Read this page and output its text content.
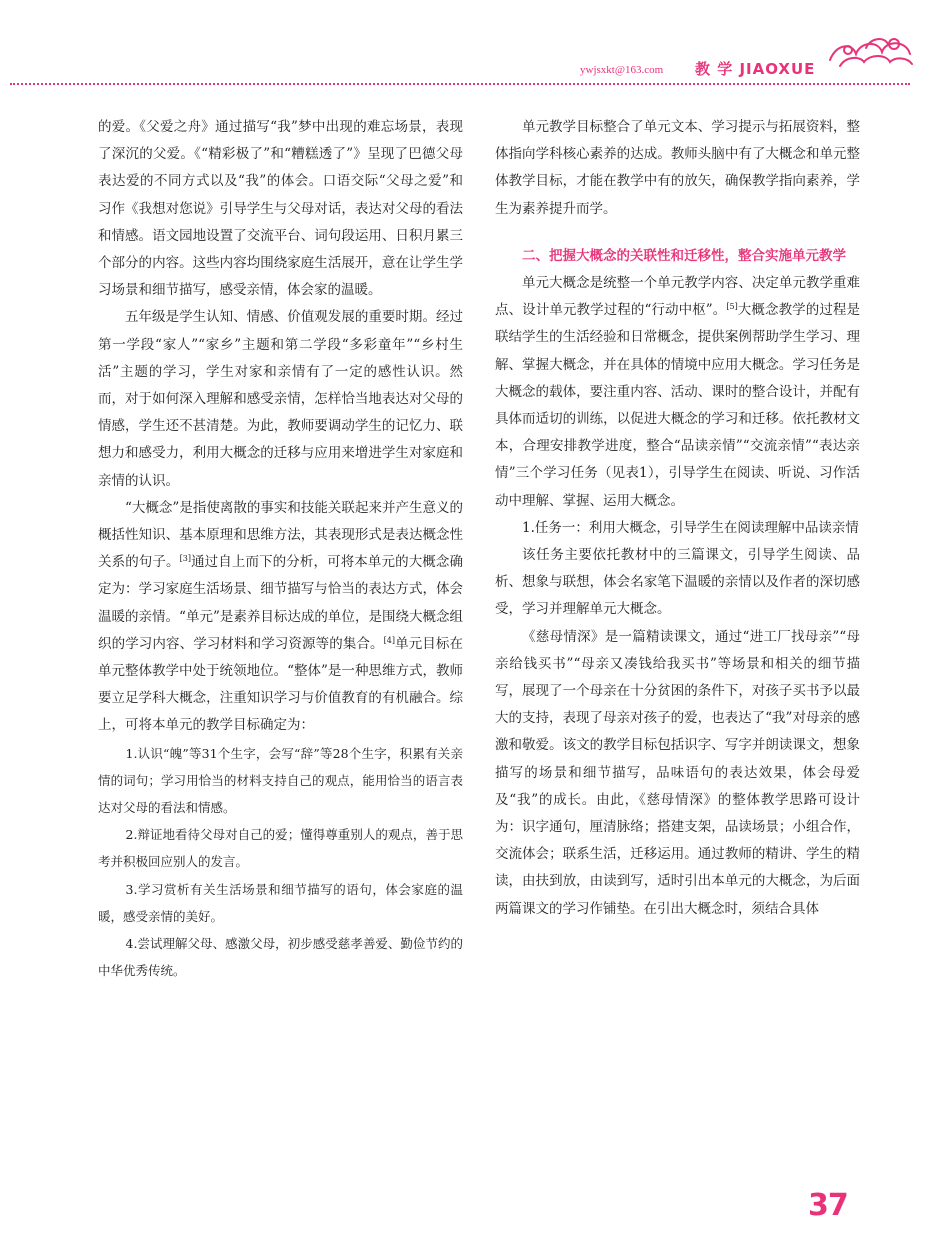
ywjsxkt@163.com 教 学 JIAOXUE

的爱。《父爱之舟》通过描写“我”梦中出现的难忘场景，表现了深沉的父爱。《“精彩极了”和“糟糕透了”》呈现了巴德父母表达爱的不同方式以及“我”的体会。口语交际“父母之爱”和习作《我想对您说》引导学生与父母对话，表达对父母的看法和情感。语文园地设置了交流平台、词句段运用、日积月累三个部分的内容。这些内容均围绕家庭生活展开，意在让学生学习场景和细节描写，感受亲情，体会家的温暖。

五年级是学生认知、情感、价值观发展的重要时期。经过第一学段“家人”“家乡”主题和第二学段“多彩童年”“乡村生活”主题的学习，学生对家和亲情有了一定的感性认识。然而，对于如何深入理解和感受亲情，怎样恰当地表达对父母的情感，学生还不甚清楚。为此，教师要调动学生的记忆力、联想力和感受力，利用大概念的迁移与应用来增进学生对家庭和亲情的认识。

“大概念”是指使离散的事实和技能关联起来并产生意义的概括性知识、基本原理和思维方法，其表现形式是表达概念性关系的句子。[3]通过自上而下的分析，可将本单元的大概念确定为：学习家庭生活场景、细节描写与恰当的表达方式，体会温暖的亲情。“单元”是素养目标达成的单位，是围绕大概念组织的学习内容、学习材料和学习资源等的集合。[4]单元目标在单元整体教学中处于统领地位。“整体”是一种思维方式，教师要立足学科大概念，注重知识学习与价值教育的有机融合。综上，可将本单元的教学目标确定为：

1.认识“魄”等31个生字，会写“辞”等28个生字，积累有关亲情的词句；学习用恰当的材料支持自己的观点，能用恰当的语言表达对父母的看法和情感。

2.辩证地看待父母对自己的爱；懂得尊重别人的观点，善于思考并积极回应别人的发言。

3.学习赏析有关生活场景和细节描写的语句，体会家庭的温暖，感受亲情的美好。

4.尝试理解父母、感激父母，初步感受慈孝善爱、勤俭节约的中华优秀传统。

单元教学目标整合了单元文本、学习提示与拓展资料，整体指向学科核心素养的达成。教师头脑中有了大概念和单元整体教学目标，才能在教学中有的放矢，确保教学指向素养，学生为素养提升而学。

二、把握大概念的关联性和迁移性，整合实施单元教学

单元大概念是统整一个单元教学内容、决定单元教学重难点、设计单元教学过程的“行动中枢”。[5]大概念教学的过程是联结学生的生活经验和日常概念，提供案例帮助学生学习、理解、掌握大概念，并在具体的情境中应用大概念。学习任务是大概念的载体，要注重内容、活动、课时的整合设计，并配有具体而适切的训练，以促进大概念的学习和迁移。依托教材文本，合理安排教学进度，整合“品读亲情”“交流亲情”“表达亲情”三个学习任务（见表1），引导学生在阅读、听说、习作活动中理解、掌握、运用大概念。

1.任务一：利用大概念，引导学生在阅读理解中品读亲情

该任务主要依托教材中的三篇课文，引导学生阅读、品析、想象与联想，体会名家笔下温暖的亲情以及作者的深切感受，学习并理解单元大概念。

《慈母情深》是一篇精读课文，通过“进工厂找母亲”“母亲给钱买书”“母亲又凑钱给我买书”等场景和相关的细节描写，展现了一个母亲在十分贫困的条件下，对孩子买书予以最大的支持，表现了母亲对孩子的爱，也表达了“我”对母亲的感激和敬爱。该文的教学目标包括识字、写字并朗读课文，想象描写的场景和细节描写，品味语句的表达效果，体会母爱及“我”的成长。由此，《慈母情深》的整体教学思路可设计为：识字通句，厘清脉络；搭建支架，品读场景；小组合作，交流体会；联系生活，迁移运用。通过教师的精讲、学生的精读，由扶到放，由读到写，适时引出本单元的大概念，为后面两篇课文的学习作铺垫。在引出大概念时，须结合具体

37
